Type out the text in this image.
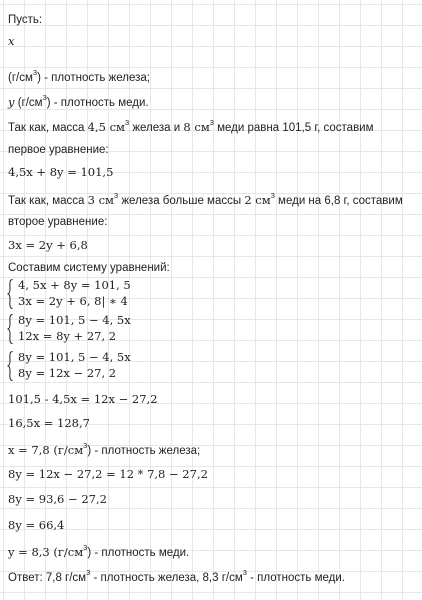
Пусть:
x
$(г/см^3)$ - плотность железа;
y $(г/см^3)$ - плотность меди.
Так как, масса 4,5 $см^3$ железа и 8 $см^3$ меди равна 101,5 г, составим
первое уравнение:
4,5x + 8y = 101,5
Так как, масса 3 $см^3$ железа больше массы 2 $см^3$ меди на 6,8 г, составим
второе уравнение:
3x = 2y + 6,8
Составим систему уравнений:
4, 5x + 8y = 101, 5
3x = 2y + 6, 8| ∗ 4
8y = 101, 5 − 4, 5x
12x = 8y + 27, 2
8y = 101, 5 − 4, 5x
8y = 12x − 27, 2
101,5 - 4,5x = 12x − 27,2
16,5x = 128,7
x = 7,8 $(г/см^3)$ - плотность железа;
8y = 12x − 27,2 = 12 * 7,8 − 27,2
8y = 93,6 − 27,2
8y = 66,4
y = 8,3 $(г/см^3)$ - плотность меди.
Ответ: 7,8 $г/см^3$ - плотность железа, 8,3 $г/см^3$ - плотность меди.
